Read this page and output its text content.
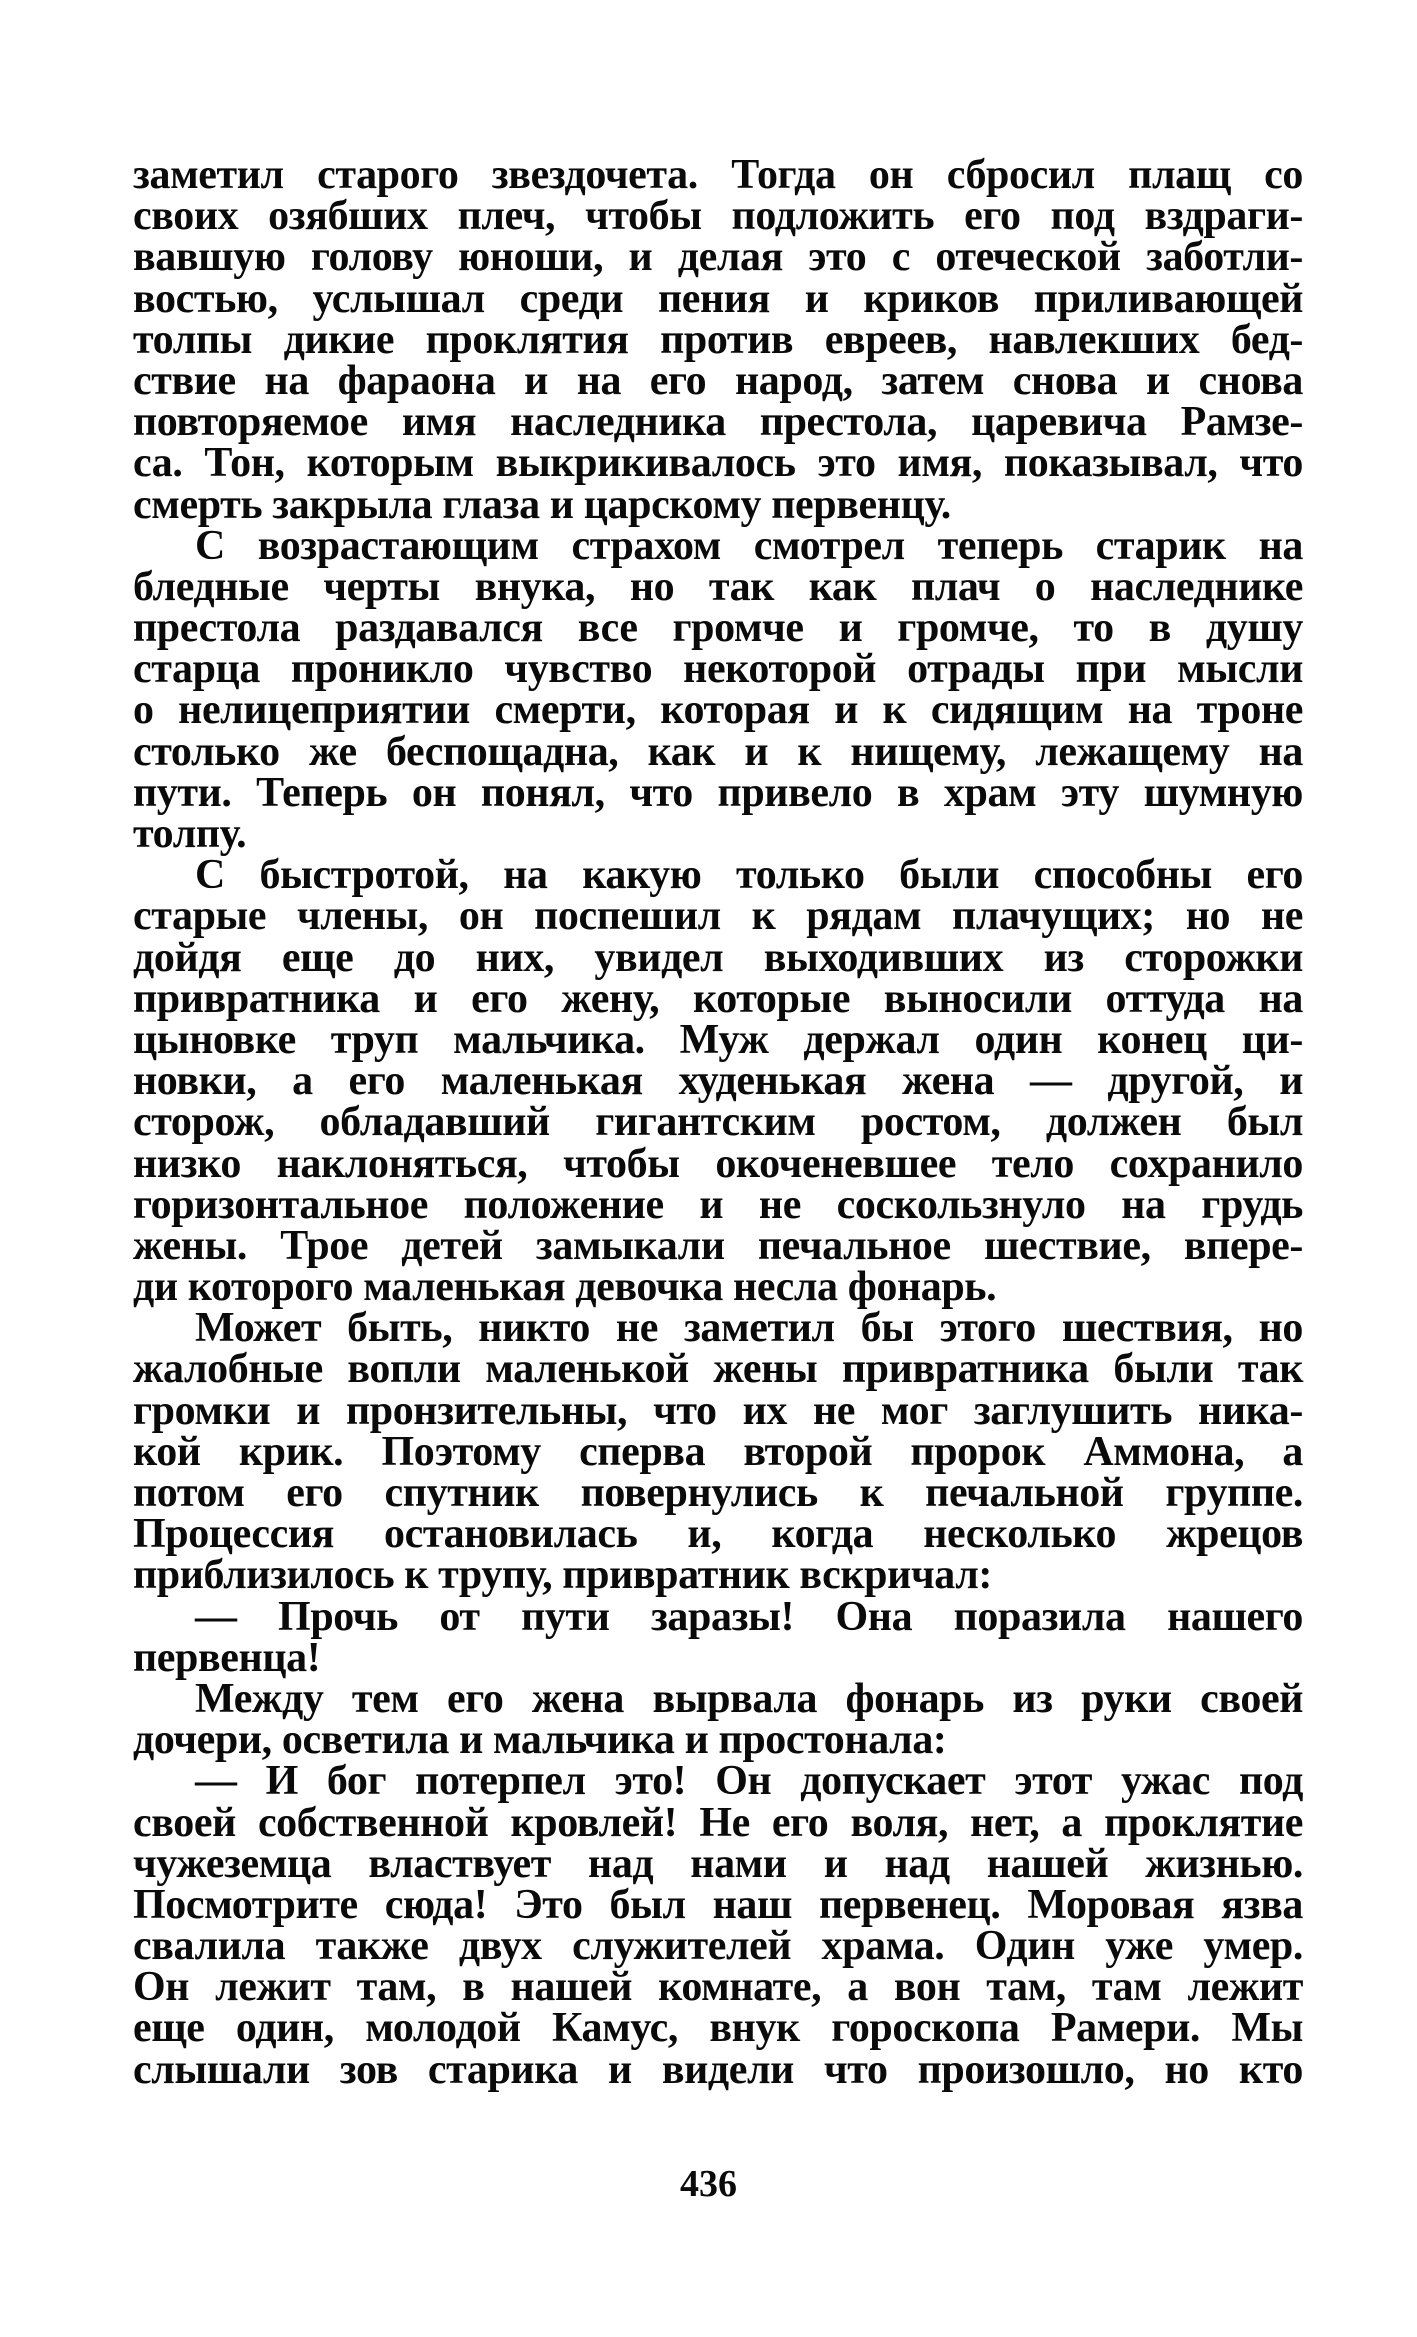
заметил старого звездочета. Тогда он сбросил плащ со
своих озябших плеч, чтобы подложить его под вздраги-
вавшую голову юноши, и делая это с отеческой заботли-
востью, услышал среди пения и криков приливающей
толпы дикие проклятия против евреев, навлекших бед-
ствие на фараона и на его народ, затем снова и снова
повторяемое имя наследника престола, царевича Рамзе-
са. Тон, которым выкрикивалось это имя, показывал, что
смерть закрыла глаза и царскому первенцу.
С возрастающим страхом смотрел теперь старик на
бледные черты внука, но так как плач о наследнике
престола раздавался все громче и громче, то в душу
старца проникло чувство некоторой отрады при мысли
о нелицеприятии смерти, которая и к сидящим на троне
столько же беспощадна, как и к нищему, лежащему на
пути. Теперь он понял, что привело в храм эту шумную
толпу.
С быстротой, на какую только были способны его
старые члены, он поспешил к рядам плачущих; но не
дойдя еще до них, увидел выходивших из сторожки
привратника и его жену, которые выносили оттуда на
цыновке труп мальчика. Муж держал один конец ци-
новки, а его маленькая худенькая жена — другой, и
сторож, обладавший гигантским ростом, должен был
низко наклоняться, чтобы окоченевшее тело сохранило
горизонтальное положение и не соскользнуло на грудь
жены. Трое детей замыкали печальное шествие, впере-
ди которого маленькая девочка несла фонарь.
Может быть, никто не заметил бы этого шествия, но
жалобные вопли маленькой жены привратника были так
громки и пронзительны, что их не мог заглушить ника-
кой крик. Поэтому сперва второй пророк Аммона, а
потом его спутник повернулись к печальной группе.
Процессия остановилась и, когда несколько жрецов
приблизилось к трупу, привратник вскричал:
— Прочь от пути заразы! Она поразила нашего
первенца!
Между тем его жена вырвала фонарь из руки своей
дочери, осветила и мальчика и простонала:
— И бог потерпел это! Он допускает этот ужас под
своей собственной кровлей! Не его воля, нет, а проклятие
чужеземца властвует над нами и над нашей жизнью.
Посмотрите сюда! Это был наш первенец. Моровая язва
свалила также двух служителей храма. Один уже умер.
Он лежит там, в нашей комнате, а вон там, там лежит
еще один, молодой Камус, внук гороскопа Рамери. Мы
слышали зов старика и видели что произошло, но кто
436
